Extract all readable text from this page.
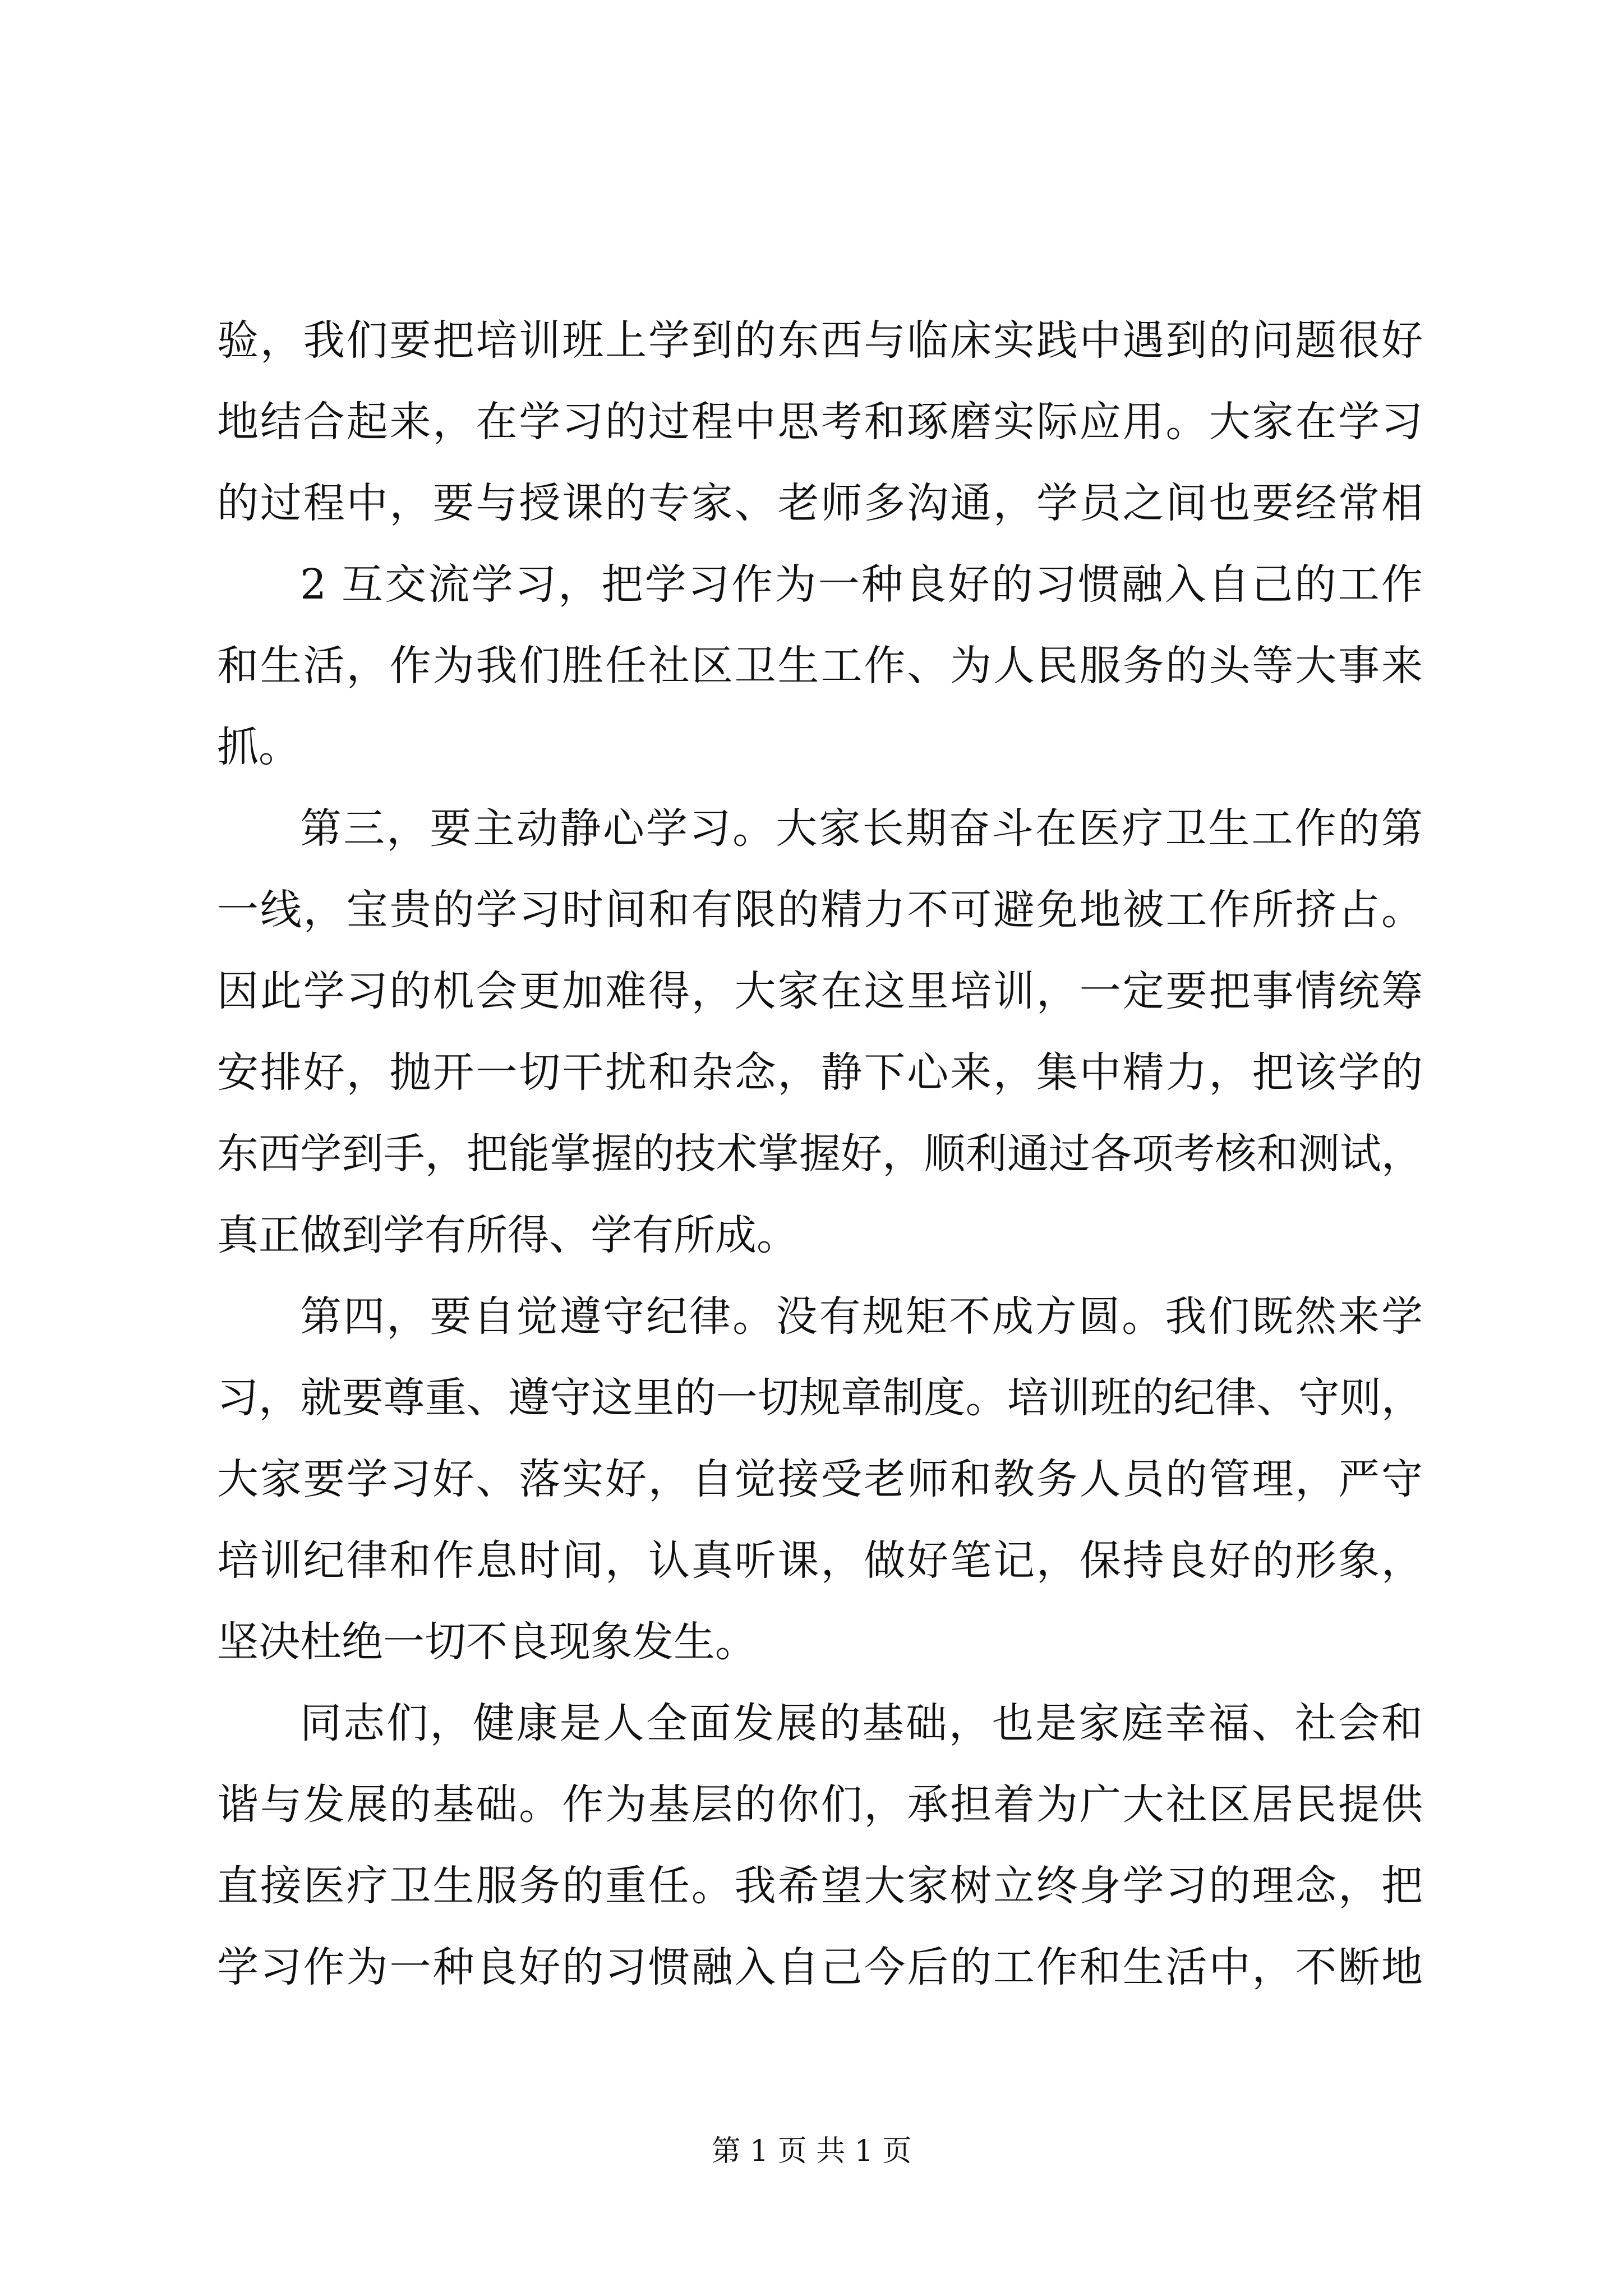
验，我们要把培训班上学到的东西与临床实践中遇到的问题很好
地结合起来，在学习的过程中思考和琢磨实际应用。大家在学习
的过程中，要与授课的专家、老师多沟通，学员之间也要经常相
2 互交流学习，把学习作为一种良好的习惯融入自己的工作
和生活，作为我们胜任社区卫生工作、为人民服务的头等大事来
抓。
第三，要主动静心学习。大家长期奋斗在医疗卫生工作的第
一线，宝贵的学习时间和有限的精力不可避免地被工作所挤占。
因此学习的机会更加难得，大家在这里培训，一定要把事情统筹
安排好，抛开一切干扰和杂念，静下心来，集中精力，把该学的
东西学到手，把能掌握的技术掌握好，顺利通过各项考核和测试，
真正做到学有所得、学有所成。
第四，要自觉遵守纪律。没有规矩不成方圆。我们既然来学
习，就要尊重、遵守这里的一切规章制度。培训班的纪律、守则，
大家要学习好、落实好，自觉接受老师和教务人员的管理，严守
培训纪律和作息时间，认真听课，做好笔记，保持良好的形象，
坚决杜绝一切不良现象发生。
同志们，健康是人全面发展的基础，也是家庭幸福、社会和
谐与发展的基础。作为基层的你们，承担着为广大社区居民提供
直接医疗卫生服务的重任。我希望大家树立终身学习的理念，把
学习作为一种良好的习惯融入自己今后的工作和生活中，不断地
第 1 页 共 1 页
